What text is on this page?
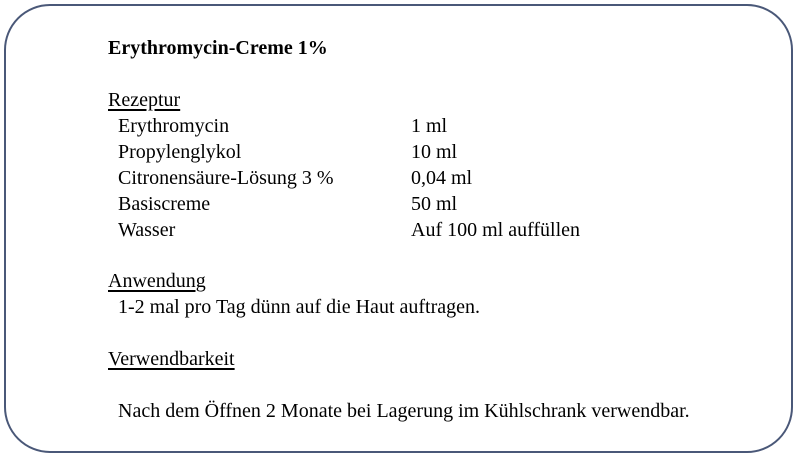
Erythromycin-Creme 1%
Rezeptur
Erythromycin	1 ml
Propylenglykol	10 ml
Citronensäure-Lösung 3 %	0,04 ml
Basiscreme	50 ml
Wasser	Auf 100 ml auffüllen
Anwendung
1-2 mal pro Tag dünn auf die Haut auftragen.
Verwendbarkeit
Nach dem Öffnen 2 Monate bei Lagerung im Kühlschrank verwendbar.
